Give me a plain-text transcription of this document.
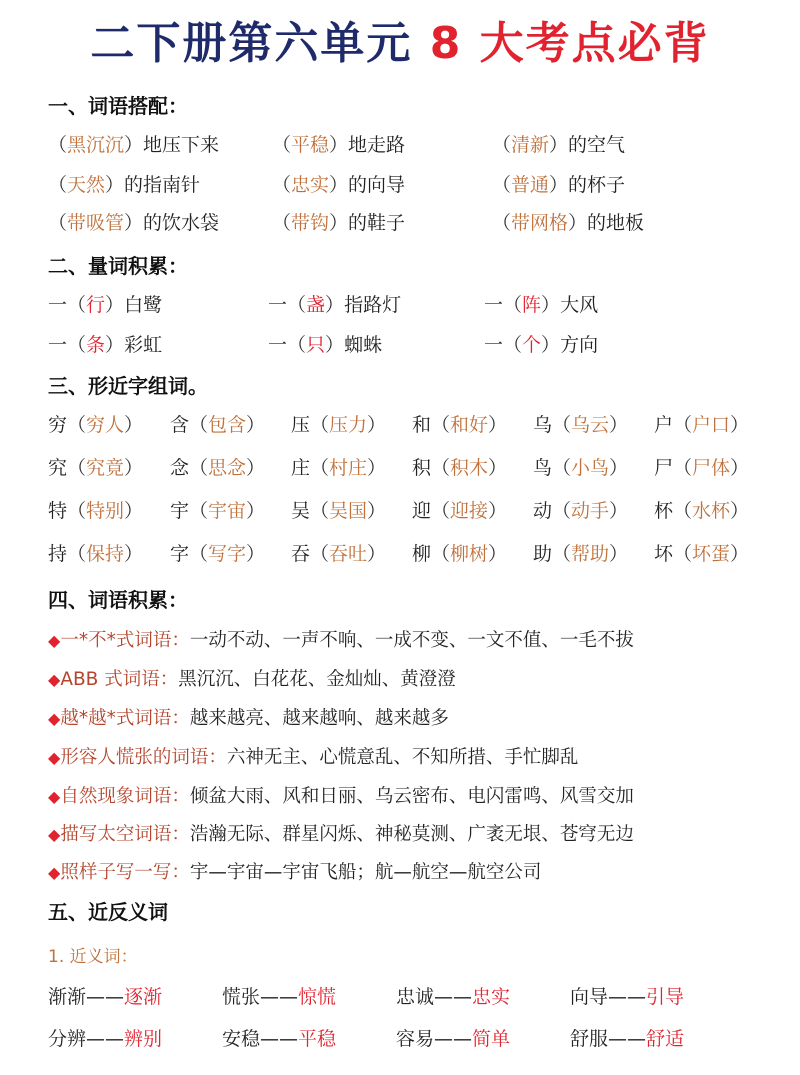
二下册第六单元 8 大考点必背
一、词语搭配：
（黑沉沉）地压下来	（平稳）地走路	（清新）的空气
（天然）的指南针	（忠实）的向导	（普通）的杯子
（带吸管）的饮水袋	（带钩）的鞋子	（带网格）的地板
二、量词积累：
一（行）白鹭	一（盏）指路灯	一（阵）大风
一（条）彩虹	一（只）蜘蛛	一（个）方向
三、形近字组词。
穷（穷人） 含（包含） 压（压力） 和（和好） 乌（乌云） 户（户口）
究（究竟） 念（思念） 庄（村庄） 积（积木） 鸟（小鸟） 尸（尸体）
特（特别） 宇（宇宙） 吴（吴国） 迎（迎接） 动（动手） 杯（水杯）
持（保持） 字（写字） 吞（吞吐） 柳（柳树） 助（帮助） 坏（坏蛋）
四、词语积累：
◆一*不*式词语：一动不动、一声不响、一成不变、一文不值、一毛不拔
◆ABB 式词语：黑沉沉、白花花、金灿灿、黄澄澄
◆越*越*式词语：越来越亮、越来越响、越来越多
◆形容人慌张的词语：六神无主、心慌意乱、不知所措、手忙脚乱
◆自然现象词语：倾盆大雨、风和日丽、乌云密布、电闪雷鸣、风雪交加
◆描写太空词语：浩瀚无际、群星闪烁、神秘莫测、广袤无垠、苍穹无边
◆照样子写一写：宇—宇宙—宇宙飞船；航—航空—航空公司
五、近反义词
1. 近义词：
渐渐——逐渐	慌张——惊慌	忠诚——忠实	向导——引导
分辨——辨别	安稳——平稳	容易——简单	舒服——舒适
